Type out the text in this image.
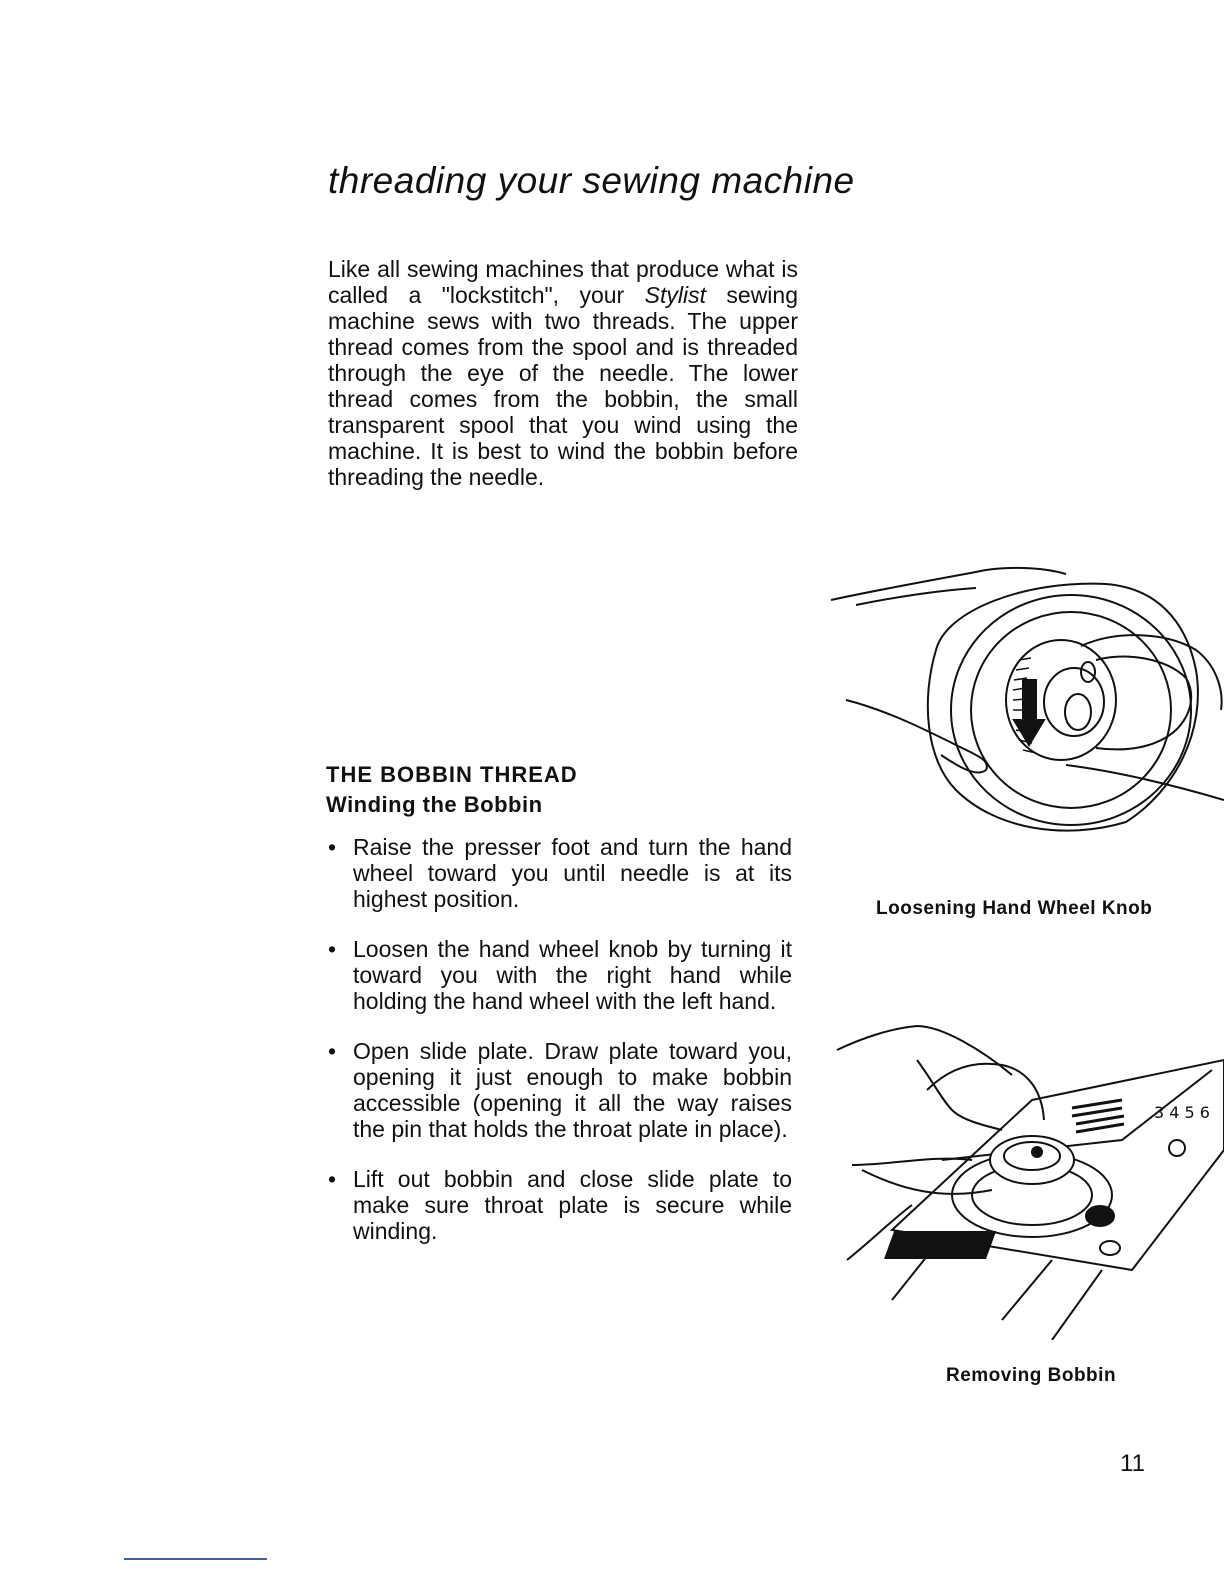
threading your sewing machine

Like all sewing machines that produce what is called a "lockstitch", your Stylist sewing machine sews with two threads. The upper thread comes from the spool and is threaded through the eye of the needle. The lower thread comes from the bobbin, the small transparent spool that you wind using the machine. It is best to wind the bobbin before threading the needle.

THE BOBBIN THREAD
Winding the Bobbin
• Raise the presser foot and turn the hand wheel toward you until needle is at its highest position.
• Loosen the hand wheel knob by turning it toward you with the right hand while holding the hand wheel with the left hand.
• Open slide plate. Draw plate toward you, opening it just enough to make bobbin accessible (opening it all the way raises the pin that holds the throat plate in place).
• Lift out bobbin and close slide plate to make sure throat plate is secure while winding.

Loosening Hand Wheel Knob

3 4 5 6

Removing Bobbin

11
